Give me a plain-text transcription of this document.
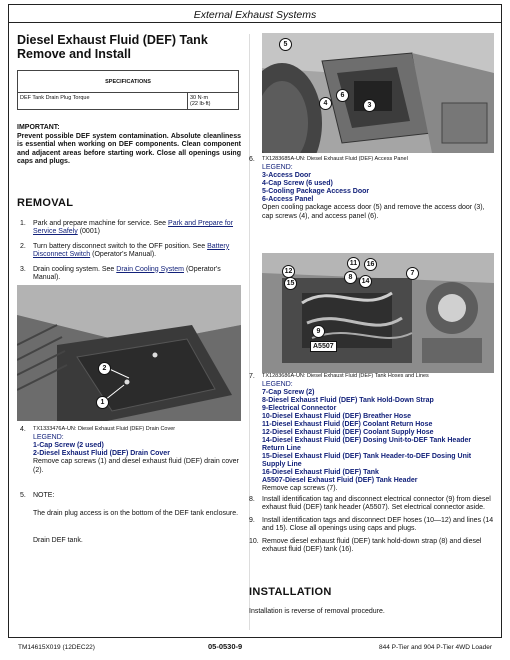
External Exhaust Systems
Diesel Exhaust Fluid (DEF) Tank Remove and Install
SPECIFICATIONS
DEF Tank Drain Plug Torque	30 N·m
(22 lb·ft)
IMPORTANT:
Prevent possible DEF system contamination. Absolute cleanliness is essential when working on DEF components. Clean component and adjacent areas before starting work. Close all openings using caps and plugs.
REMOVAL
1.	Park and prepare machine for service. See Park and Prepare for Service Safely (0001)
2.	Turn battery disconnect switch to the OFF position. See Battery Disconnect Switch (Operator's Manual).
3.	Drain cooling system. See Drain Cooling System (Operator's Manual).
2
1
4.	TX1333476A-UN: Diesel Exhaust Fluid (DEF) Drain Cover
LEGEND:
1-Cap Screw (2 used)
2-Diesel Exhaust Fluid (DEF) Drain Cover
Remove cap screws (1) and diesel exhaust fluid (DEF) drain cover (2).
5.	NOTE:
The drain plug access is on the bottom of the DEF tank enclosure.
Drain DEF tank.
5
6
4	3
6.	TX1283685A-UN: Diesel Exhaust Fluid (DEF) Access Panel
LEGEND:
3-Access Door
4-Cap Screw (6 used)
5-Cooling Package Access Door
6-Access Panel
Open cooling package access door (5) and remove the access door (3), cap screws (4), and access panel (6).
11	16
12
8
7
15	14
9
A5507
7.	TX1283686A-UN: Diesel Exhaust Fluid (DEF) Tank Hoses and Lines
LEGEND:
7-Cap Screw (2)
8-Diesel Exhaust Fluid (DEF) Tank Hold-Down Strap
9-Electrical Connector
10-Diesel Exhaust Fluid (DEF) Breather Hose
11-Diesel Exhaust Fluid (DEF) Coolant Return Hose
12-Diesel Exhaust Fluid (DEF) Coolant Supply Hose
14-Diesel Exhaust Fluid (DEF) Dosing Unit-to-DEF Tank Header Return Line
15-Diesel Exhaust Fluid (DEF) Tank Header-to-DEF Dosing Unit Supply Line
16-Diesel Exhaust Fluid (DEF) Tank
A5507-Diesel Exhaust Fluid (DEF) Tank Header
Remove cap screws (7).
8.	Install identification tag and disconnect electrical connector (9) from diesel exhaust fluid (DEF) tank header (A5507). Set electrical connector aside.
9.	Install identification tags and disconnect DEF hoses (10—12) and lines (14 and 15). Close all openings using caps and plugs.
10. Remove diesel exhaust fluid (DEF) tank hold-down strap (8) and diesel exhaust fluid (DEF) tank (16).
INSTALLATION
Installation is reverse of removal procedure.
TM14615X019 (12DEC22)	05-0530-9	844 P-Tier and 904 P-Tier 4WD Loader
